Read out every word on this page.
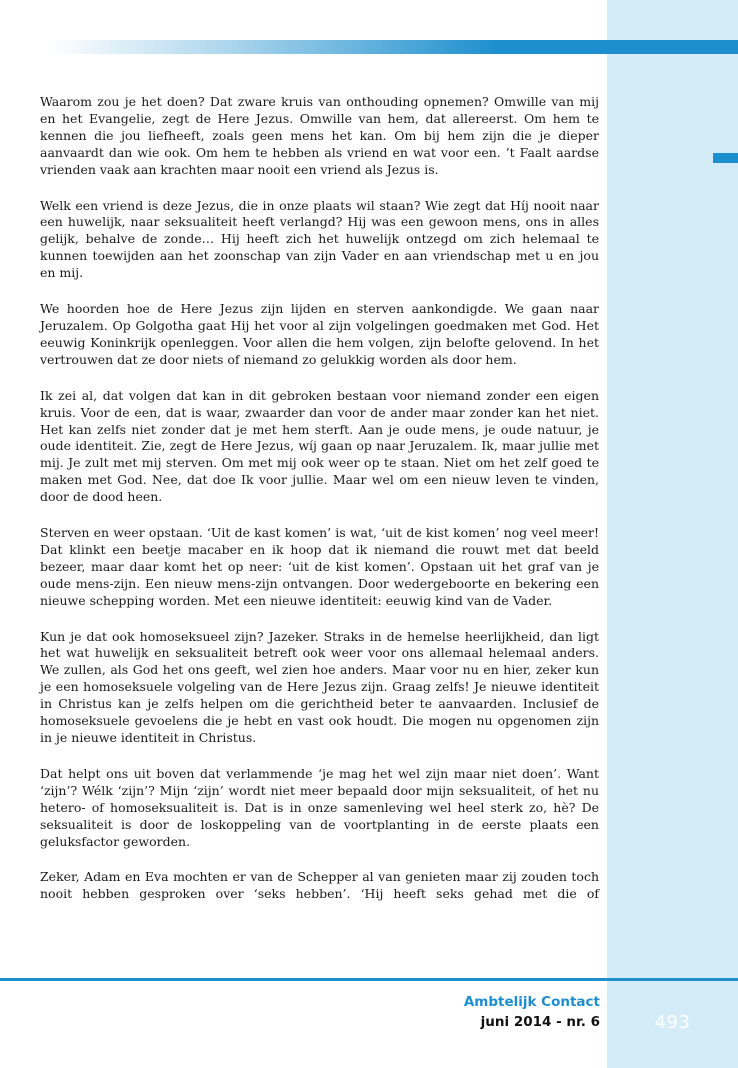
Waarom zou je het doen? Dat zware kruis van onthouding opnemen? Omwille van mij en het Evangelie, zegt de Here Jezus. Omwille van hem, dat allereerst. Om hem te kennen die jou liefheeft, zoals geen mens het kan. Om bij hem zijn die je dieper aanvaardt dan wie ook. Om hem te hebben als vriend en wat voor een. ’t Faalt aardse vrienden vaak aan krachten maar nooit een vriend als Jezus is.

Welk een vriend is deze Jezus, die in onze plaats wil staan? Wie zegt dat Híj nooit naar een huwelijk, naar seksualiteit heeft verlangd? Hij was een gewoon mens, ons in alles gelijk, behalve de zonde… Hij heeft zich het huwelijk ontzegd om zich helemaal te kunnen toewijden aan het zoonschap van zijn Vader en aan vriendschap met u en jou en mij.

We hoorden hoe de Here Jezus zijn lijden en sterven aankondigde. We gaan naar Jeruzalem. Op Golgotha gaat Hij het voor al zijn volgelingen goedmaken met God. Het eeuwig Koninkrijk openleggen. Voor allen die hem volgen, zijn belofte gelovend. In het vertrouwen dat ze door niets of niemand zo gelukkig worden als door hem.

Ik zei al, dat volgen dat kan in dit gebroken bestaan voor niemand zonder een eigen kruis. Voor de een, dat is waar, zwaarder dan voor de ander maar zonder kan het niet. Het kan zelfs niet zonder dat je met hem sterft. Aan je oude mens, je oude natuur, je oude identiteit. Zie, zegt de Here Jezus, wíj gaan op naar Jeruzalem. Ik, maar jullie met mij. Je zult met mij sterven. Om met mij ook weer op te staan. Niet om het zelf goed te maken met God. Nee, dat doe Ik voor jullie. Maar wel om een nieuw leven te vinden, door de dood heen.

Sterven en weer opstaan. ‘Uit de kast komen’ is wat, ‘uit de kist komen’ nog veel meer! Dat klinkt een beetje macaber en ik hoop dat ik niemand die rouwt met dat beeld bezeer, maar daar komt het op neer: ‘uit de kist komen’. Opstaan uit het graf van je oude mens-zijn. Een nieuw mens-zijn ontvangen. Door wedergeboorte en bekering een nieuwe schepping worden. Met een nieuwe identiteit: eeuwig kind van de Vader.

Kun je dat ook homoseksueel zijn? Jazeker. Straks in de hemelse heerlijkheid, dan ligt het wat huwelijk en seksualiteit betreft ook weer voor ons allemaal helemaal anders. We zullen, als God het ons geeft, wel zien hoe anders. Maar voor nu en hier, zeker kun je een homoseksuele volgeling van de Here Jezus zijn. Graag zelfs! Je nieuwe identiteit in Christus kan je zelfs helpen om die gerichtheid beter te aanvaarden. Inclusief de homoseksuele gevoelens die je hebt en vast ook houdt. Die mogen nu opgenomen zijn in je nieuwe identiteit in Christus.

Dat helpt ons uit boven dat verlammende ‘je mag het wel zijn maar niet doen’. Want ‘zijn’? Wélk ‘zijn’? Mijn ‘zijn’ wordt niet meer bepaald door mijn seksualiteit, of het nu hetero- of homoseksualiteit is. Dat is in onze samenleving wel heel sterk zo, hè? De seksualiteit is door de loskoppeling van de voortplanting in de eerste plaats een geluksfactor geworden.

Zeker, Adam en Eva mochten er van de Schepper al van genieten maar zij zouden toch nooit hebben gesproken over ‘seks hebben’. ‘Hij heeft seks gehad met die of

Ambtelijk Contact
juni 2014 - nr. 6	493
